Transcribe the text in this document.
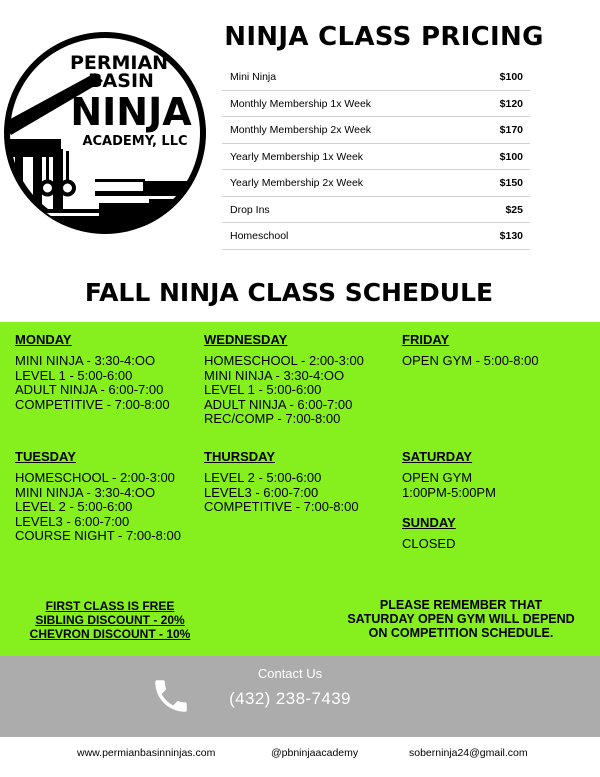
PERMIAN
BASIN
NINJA
ACADEMY, LLC
NINJA CLASS PRICING
Mini Ninja	$100
Monthly Membership 1x Week	$120
Monthly Membership 2x Week	$170
Yearly Membership 1x Week	$100
Yearly Membership 2x Week	$150
Drop Ins	$25
Homeschool	$130
FALL NINJA CLASS SCHEDULE
MONDAY
MINI NINJA - 3:30-4:OO
LEVEL 1 - 5:00-6:00
ADULT NINJA - 6:00-7:00
COMPETITIVE - 7:00-8:00
WEDNESDAY
HOMESCHOOL - 2:00-3:00
MINI NINJA - 3:30-4:OO
LEVEL 1 - 5:00-6:00
ADULT NINJA - 6:00-7:00
REC/COMP - 7:00-8:00
FRIDAY
OPEN GYM - 5:00-8:00
TUESDAY
HOMESCHOOL - 2:00-3:00
MINI NINJA - 3:30-4:OO
LEVEL 2 - 5:00-6:00
LEVEL3 - 6:00-7:00
COURSE NIGHT - 7:00-8:00
THURSDAY
LEVEL 2 - 5:00-6:00
LEVEL3 - 6:00-7:00
COMPETITIVE - 7:00-8:00
SATURDAY
OPEN GYM
1:00PM-5:00PM
SUNDAY
CLOSED
FIRST CLASS IS FREE
SIBLING DISCOUNT - 20%
CHEVRON DISCOUNT - 10%
PLEASE REMEMBER THAT
SATURDAY OPEN GYM WILL DEPEND
ON COMPETITION SCHEDULE.
Contact Us
(432) 238-7439
www.permianbasinninjas.com	@pbninjaacademy	soberninja24@gmail.com
